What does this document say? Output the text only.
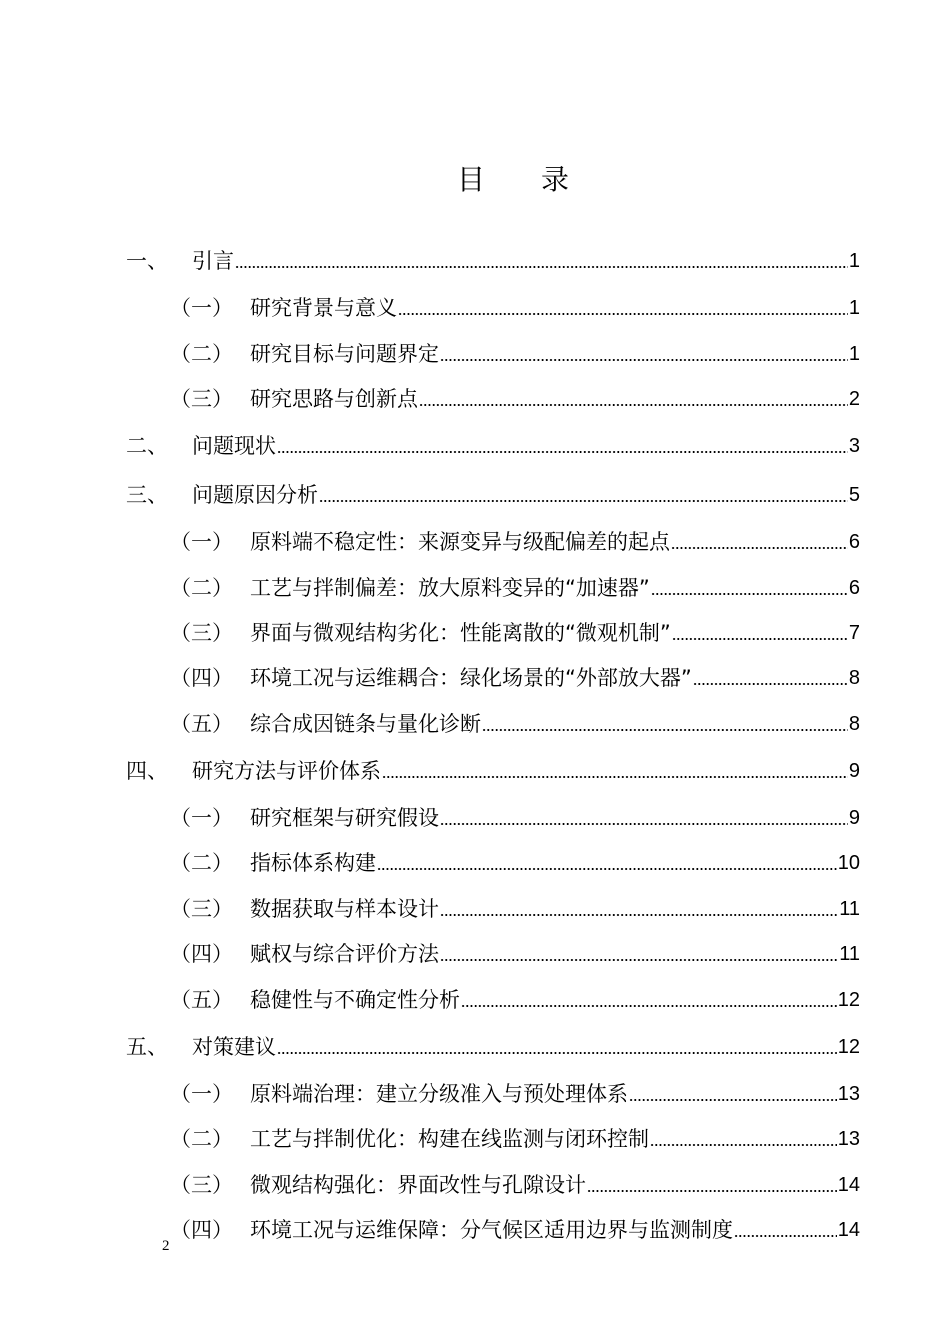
目 录
一、	引言	1
（一） 研究背景与意义	1
（二） 研究目标与问题界定	1
（三） 研究思路与创新点	2
二、	问题现状	3
三、	问题原因分析	5
（一） 原料端不稳定性：来源变异与级配偏差的起点	6
（二） 工艺与拌制偏差：放大原料变异的“加速器”	6
（三） 界面与微观结构劣化：性能离散的“微观机制”	7
（四） 环境工况与运维耦合：绿化场景的“外部放大器”	8
（五） 综合成因链条与量化诊断	8
四、	研究方法与评价体系	9
（一） 研究框架与研究假设	9
（二） 指标体系构建	10
（三） 数据获取与样本设计	11
（四） 赋权与综合评价方法	11
（五） 稳健性与不确定性分析	12
五、	对策建议	12
（一） 原料端治理：建立分级准入与预处理体系	13
（二） 工艺与拌制优化：构建在线监测与闭环控制	13
（三） 微观结构强化：界面改性与孔隙设计	14
（四） 环境工况与运维保障：分气候区适用边界与监测制度	14
2
